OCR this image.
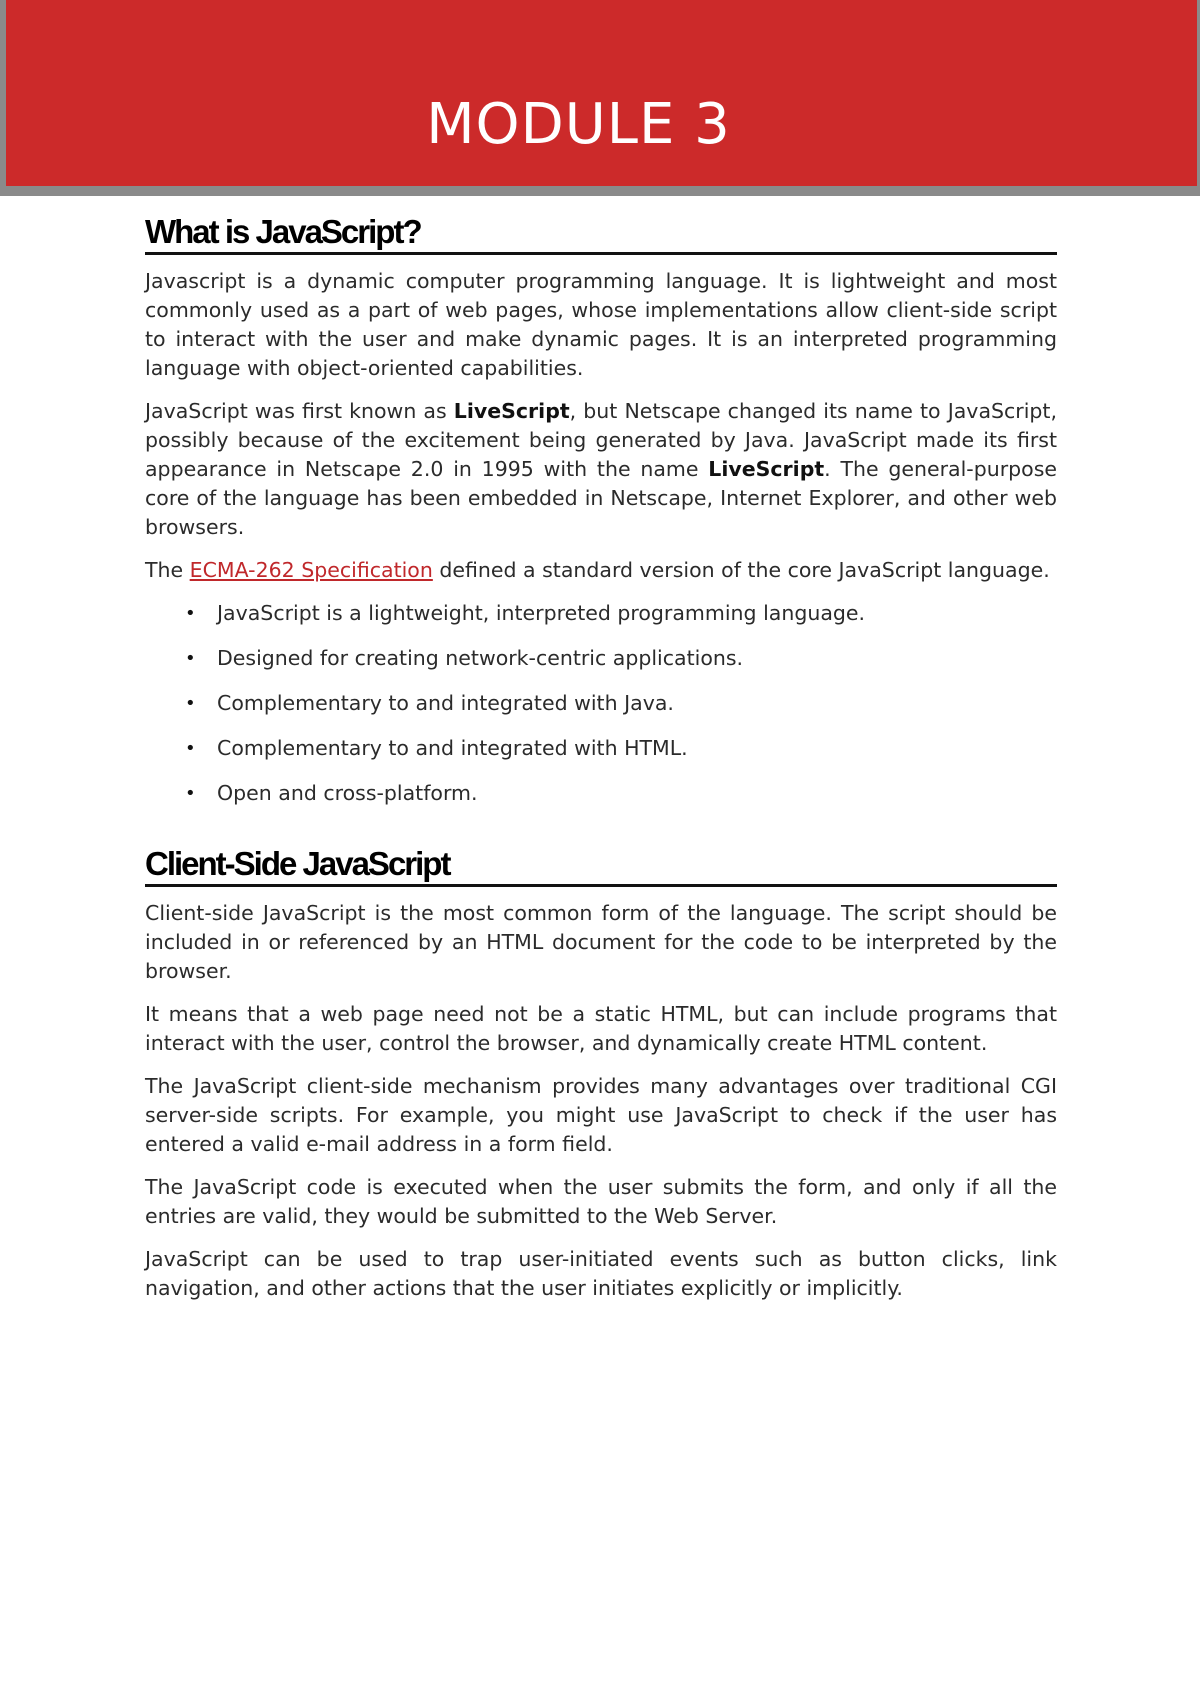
MODULE 3
What is JavaScript?

Javascript is a dynamic computer programming language. It is lightweight and most commonly used as a part of web pages, whose implementations allow client-side script to interact with the user and make dynamic pages. It is an interpreted programming language with object-oriented capabilities.

JavaScript was first known as LiveScript, but Netscape changed its name to JavaScript, possibly because of the excitement being generated by Java. JavaScript made its first appearance in Netscape 2.0 in 1995 with the name LiveScript. The general-purpose core of the language has been embedded in Netscape, Internet Explorer, and other web browsers.

The ECMA-262 Specification defined a standard version of the core JavaScript language.

• JavaScript is a lightweight, interpreted programming language.
• Designed for creating network-centric applications.
• Complementary to and integrated with Java.
• Complementary to and integrated with HTML.
• Open and cross-platform.
Client-Side JavaScript

Client-side JavaScript is the most common form of the language. The script should be included in or referenced by an HTML document for the code to be interpreted by the browser.

It means that a web page need not be a static HTML, but can include programs that interact with the user, control the browser, and dynamically create HTML content.

The JavaScript client-side mechanism provides many advantages over traditional CGI server-side scripts. For example, you might use JavaScript to check if the user has entered a valid e-mail address in a form field.

The JavaScript code is executed when the user submits the form, and only if all the entries are valid, they would be submitted to the Web Server.

JavaScript can be used to trap user-initiated events such as button clicks, link navigation, and other actions that the user initiates explicitly or implicitly.
